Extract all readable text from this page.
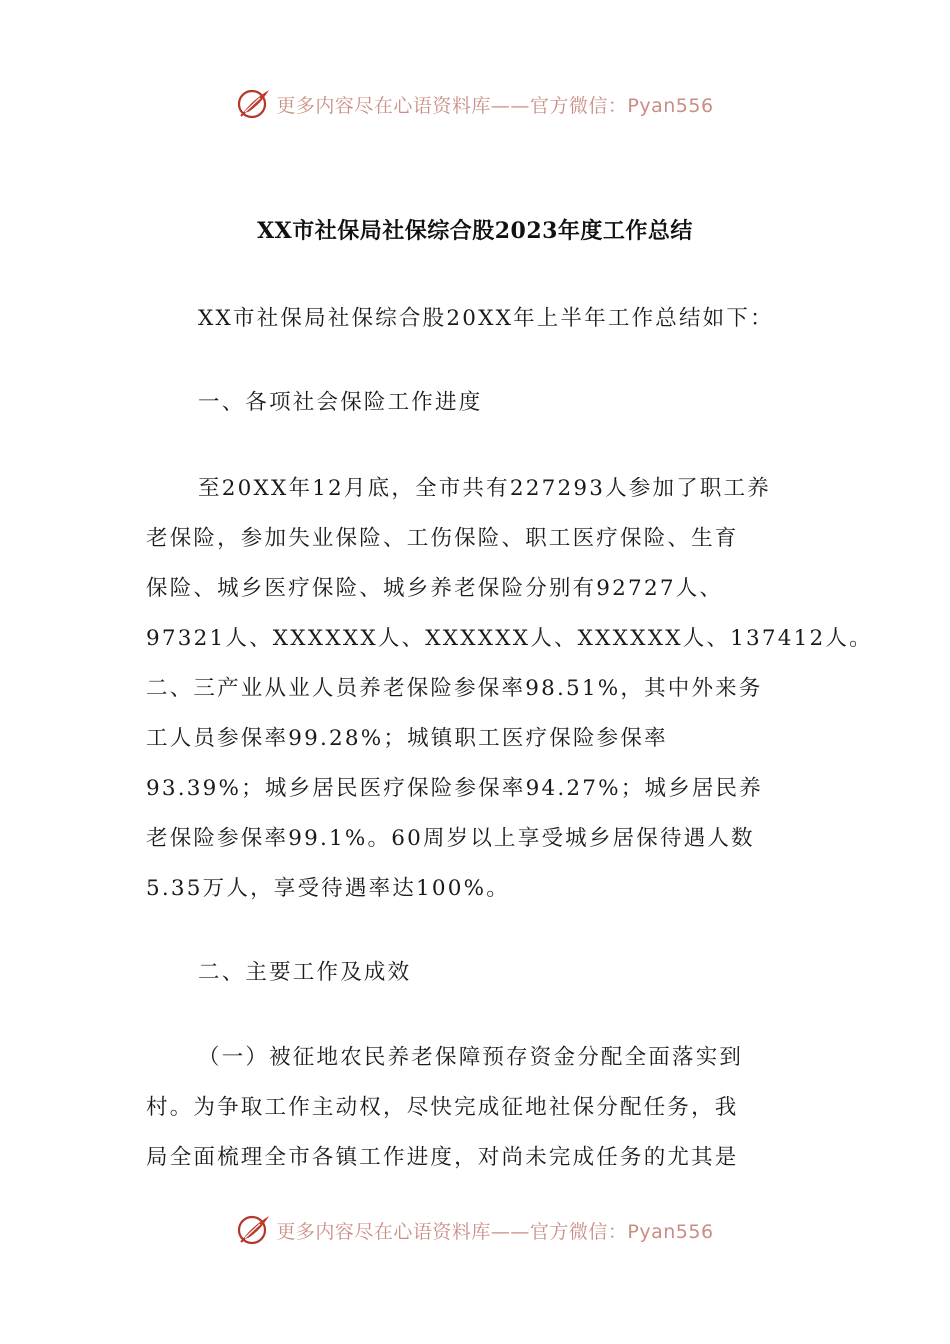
更多内容尽在心语资料库——官方微信：Pyan556
XX市社保局社保综合股2023年度工作总结
XX市社保局社保综合股20XX年上半年工作总结如下：
一、各项社会保险工作进度
至20XX年12月底，全市共有227293人参加了职工养
老保险，参加失业保险、工伤保险、职工医疗保险、生育
保险、城乡医疗保险、城乡养老保险分别有92727人、
97321人、XXXXXX人、XXXXXX人、XXXXXX人、137412人。
二、三产业从业人员养老保险参保率98.51%，其中外来务
工人员参保率99.28%；城镇职工医疗保险参保率
93.39%；城乡居民医疗保险参保率94.27%；城乡居民养
老保险参保率99.1%。60周岁以上享受城乡居保待遇人数
5.35万人，享受待遇率达100%。
二、主要工作及成效
（一）被征地农民养老保障预存资金分配全面落实到
村。为争取工作主动权，尽快完成征地社保分配任务，我
局全面梳理全市各镇工作进度，对尚未完成任务的尤其是
更多内容尽在心语资料库——官方微信：Pyan556
